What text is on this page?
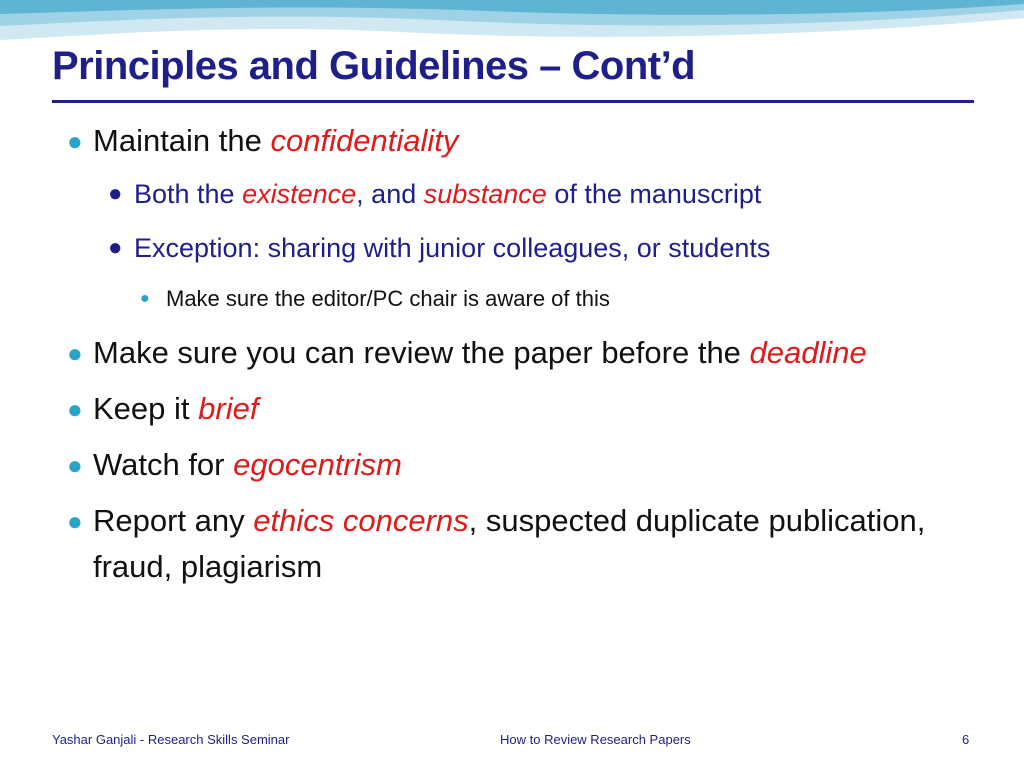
Principles and Guidelines – Cont’d
● Maintain the confidentiality
● Both the existence, and substance of the manuscript
● Exception: sharing with junior colleagues, or students
● Make sure the editor/PC chair is aware of this
● Make sure you can review the paper before the deadline
● Keep it brief
● Watch for egocentrism
● Report any ethics concerns, suspected duplicate publication, fraud, plagiarism
Yashar Ganjali - Research Skills Seminar	How to Review Research Papers	6
